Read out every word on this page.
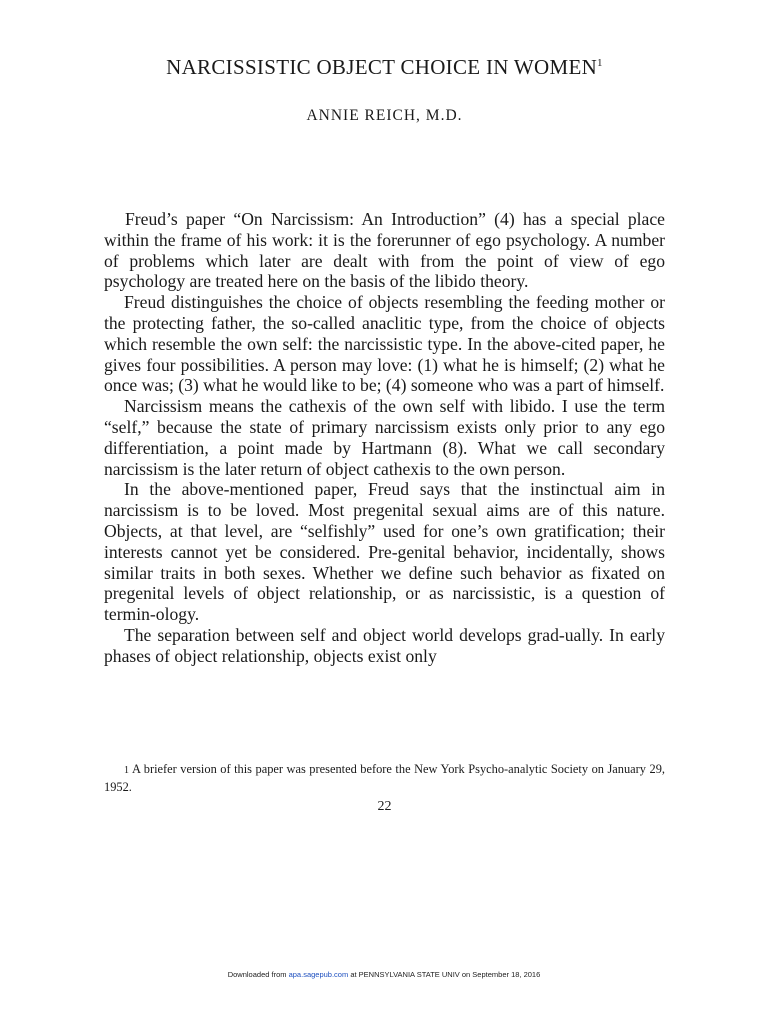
NARCISSISTIC OBJECT CHOICE IN WOMEN$^1$
ANNIE REICH, M.D.

Freud’s paper “On Narcissism: An Introduction” (4) has a special place within the frame of his work: it is the forerunner of ego psychology. A number of problems which later are dealt with from the point of view of ego psychology are treated here on the basis of the libido theory.

Freud distinguishes the choice of objects resembling the feeding mother or the protecting father, the so-called anaclitic type, from the choice of objects which resemble the own self: the narcissistic type. In the above-cited paper, he gives four possibilities. A person may love: (1) what he is himself; (2) what he once was; (3) what he would like to be; (4) someone who was a part of himself.

Narcissism means the cathexis of the own self with libido. I use the term “self,” because the state of primary narcissism exists only prior to any ego differentiation, a point made by Hartmann (8). What we call secondary narcissism is the later return of object cathexis to the own person.

In the above-mentioned paper, Freud says that the instinctual aim in narcissism is to be loved. Most pregenital sexual aims are of this nature. Objects, at that level, are “selfishly” used for one’s own gratification; their interests cannot yet be considered. Pre-genital behavior, incidentally, shows similar traits in both sexes. Whether we define such behavior as fixated on pregenital levels of object relationship, or as narcissistic, is a question of termin-ology.

The separation between self and object world develops grad-ually. In early phases of object relationship, objects exist only

1 A briefer version of this paper was presented before the New York Psycho-analytic Society on January 29, 1952.
22
Downloaded from apa.sagepub.com at PENNSYLVANIA STATE UNIV on September 18, 2016
